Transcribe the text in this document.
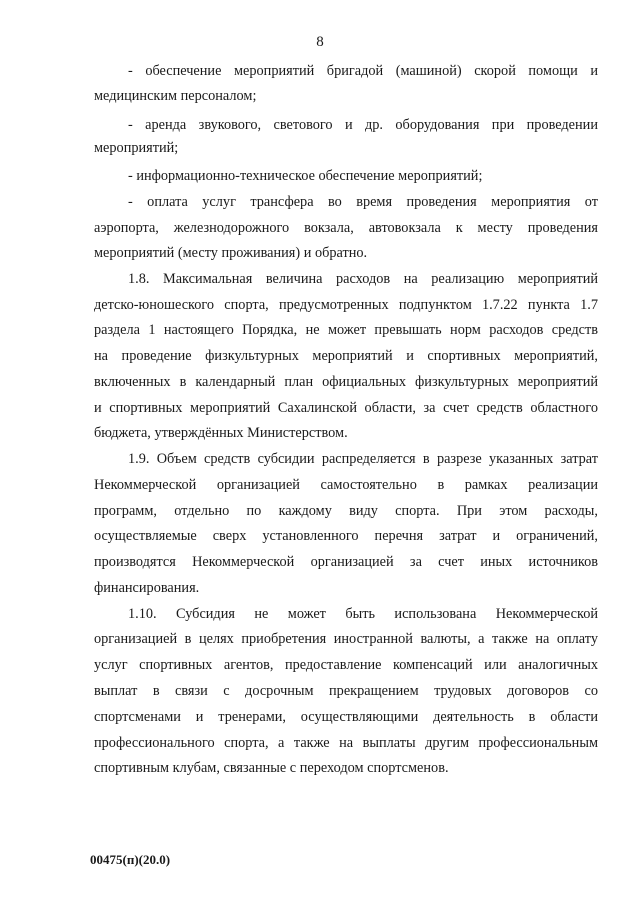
8
- обеспечение мероприятий бригадой (машиной) скорой помощи и
медицинским персоналом;
- аренда звукового, светового и др. оборудования при проведении
мероприятий;
- информационно-техническое обеспечение мероприятий;
- оплата услуг трансфера во время проведения мероприятия от
аэропорта, железнодорожного вокзала, автовокзала к месту проведения
мероприятий (месту проживания) и обратно.
1.8. Максимальная величина расходов на реализацию мероприятий
детско-юношеского спорта, предусмотренных подпунктом 1.7.22 пункта 1.7
раздела 1 настоящего Порядка, не может превышать норм расходов средств
на проведение физкультурных мероприятий и спортивных мероприятий,
включенных в календарный план официальных физкультурных мероприятий
и спортивных мероприятий Сахалинской области, за счет средств областного
бюджета, утверждённых Министерством.
1.9. Объем средств субсидии распределяется в разрезе указанных затрат
Некоммерческой организацией самостоятельно в рамках реализации
программ, отдельно по каждому виду спорта. При этом расходы,
осуществляемые сверх установленного перечня затрат и ограничений,
производятся Некоммерческой организацией за счет иных источников
финансирования.
1.10. Субсидия не может быть использована Некоммерческой
организацией в целях приобретения иностранной валюты, а также на оплату
услуг спортивных агентов, предоставление компенсаций или аналогичных
выплат в связи с досрочным прекращением трудовых договоров со
спортсменами и тренерами, осуществляющими деятельность в области
профессионального спорта, а также на выплаты другим профессиональным
спортивным клубам, связанные с переходом спортсменов.
00475(п)(20.0)
